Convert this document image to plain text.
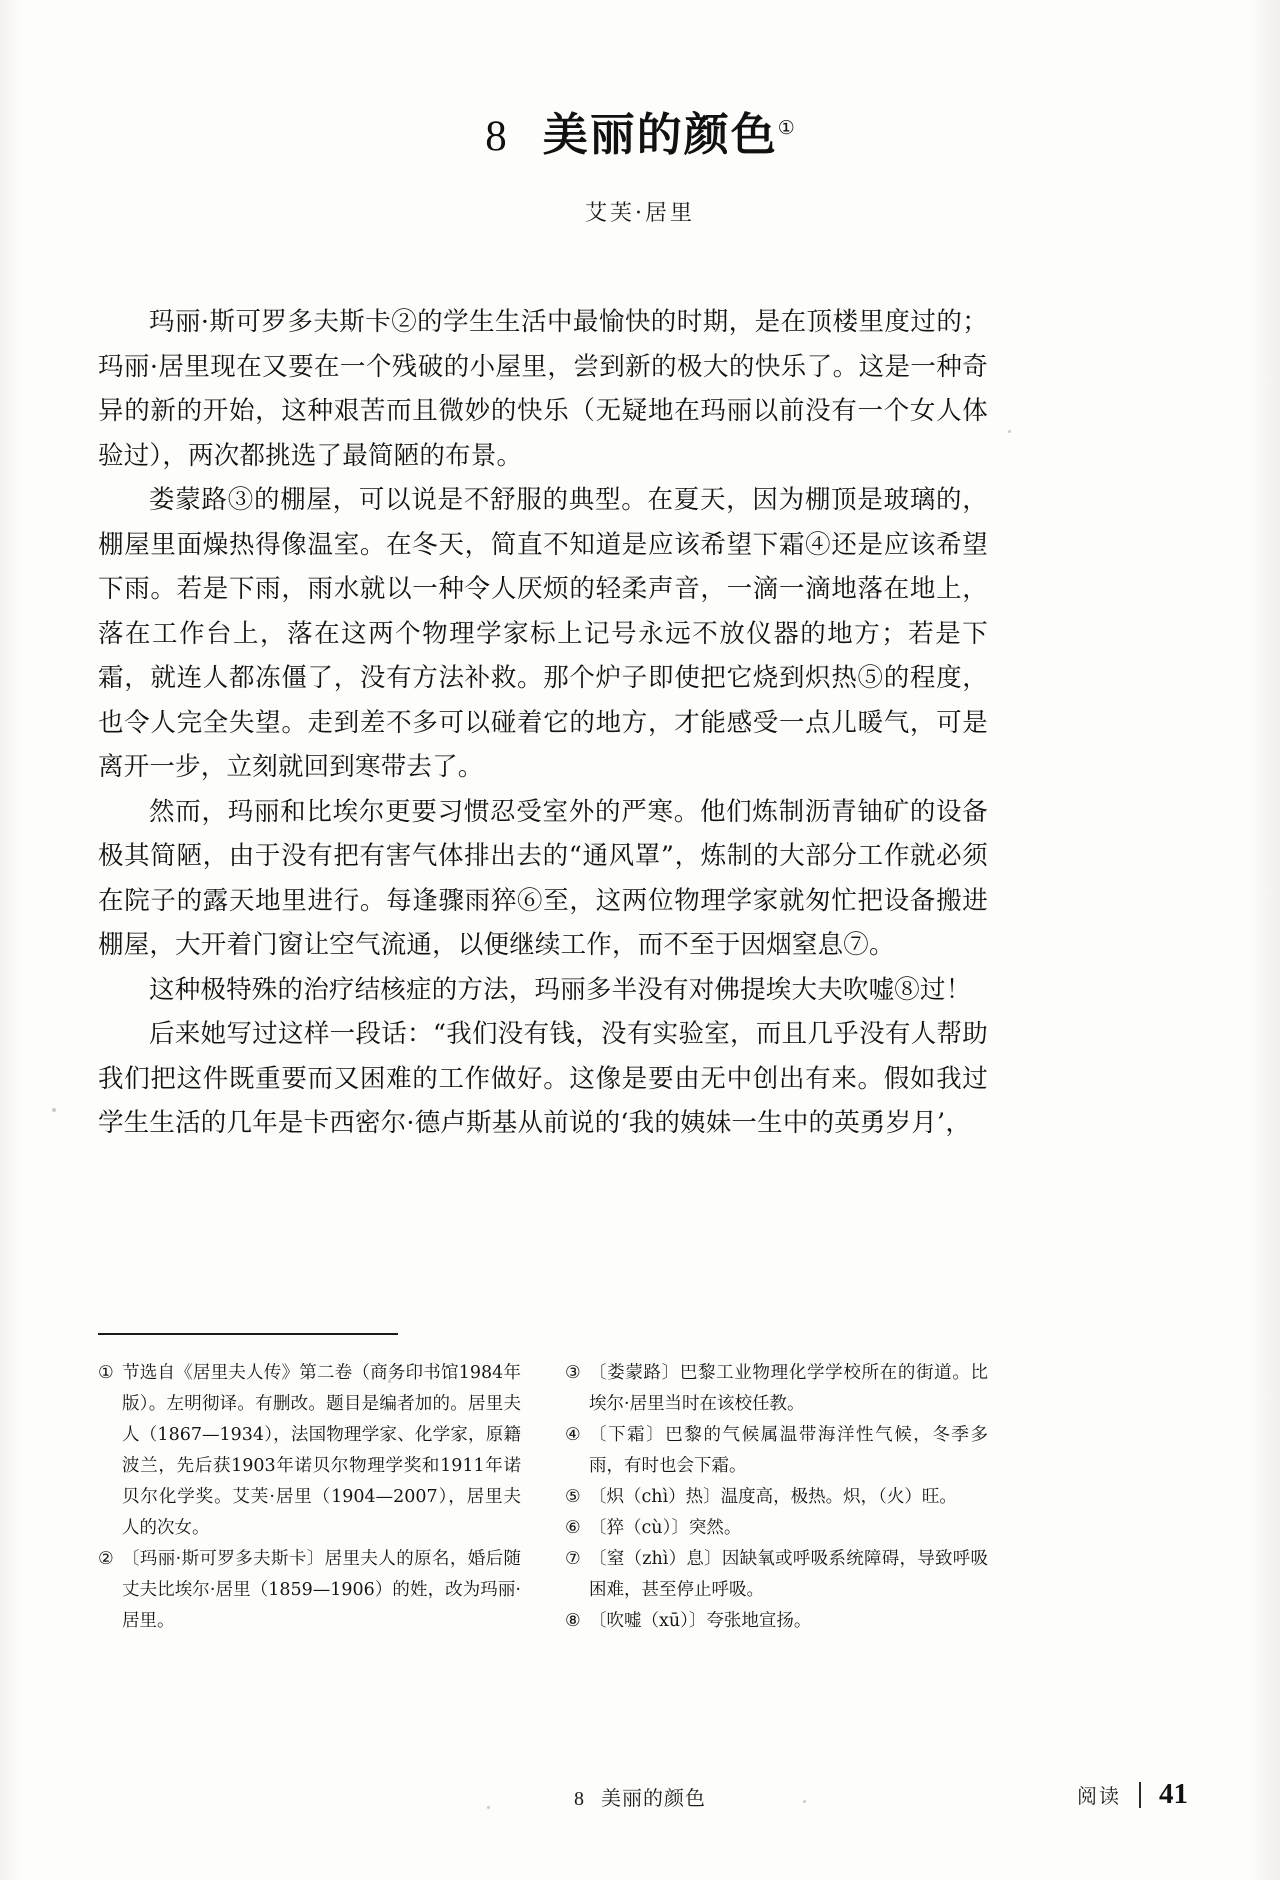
8 美丽的颜色①
艾芙·居里

玛丽·斯可罗多夫斯卡②的学生生活中最愉快的时期，是在顶楼里度过的；玛丽·居里现在又要在一个残破的小屋里，尝到新的极大的快乐了。这是一种奇异的新的开始，这种艰苦而且微妙的快乐（无疑地在玛丽以前没有一个女人体验过），两次都挑选了最简陋的布景。

娄蒙路③的棚屋，可以说是不舒服的典型。在夏天，因为棚顶是玻璃的，棚屋里面燥热得像温室。在冬天，简直不知道是应该希望下霜④还是应该希望下雨。若是下雨，雨水就以一种令人厌烦的轻柔声音，一滴一滴地落在地上，落在工作台上，落在这两个物理学家标上记号永远不放仪器的地方；若是下霜，就连人都冻僵了，没有方法补救。那个炉子即使把它烧到炽热⑤的程度，也令人完全失望。走到差不多可以碰着它的地方，才能感受一点儿暖气，可是离开一步，立刻就回到寒带去了。

然而，玛丽和比埃尔更要习惯忍受室外的严寒。他们炼制沥青铀矿的设备极其简陋，由于没有把有害气体排出去的“通风罩”，炼制的大部分工作就必须在院子的露天地里进行。每逢骤雨猝⑥至，这两位物理学家就匆忙把设备搬进棚屋，大开着门窗让空气流通，以便继续工作，而不至于因烟窒息⑦。

这种极特殊的治疗结核症的方法，玛丽多半没有对佛提埃大夫吹嘘⑧过！

后来她写过这样一段话：“我们没有钱，没有实验室，而且几乎没有人帮助我们把这件既重要而又困难的工作做好。这像是要由无中创出有来。假如我过学生生活的几年是卡西密尔·德卢斯基从前说的‘我的姨妹一生中的英勇岁月’，

① 节选自《居里夫人传》第二卷（商务印书馆1984年版）。左明彻译。有删改。题目是编者加的。居里夫人（1867—1934），法国物理学家、化学家，原籍波兰，先后获1903年诺贝尔物理学奖和1911年诺贝尔化学奖。艾芙·居里（1904—2007），居里夫人的次女。
② 〔玛丽·斯可罗多夫斯卡〕居里夫人的原名，婚后随丈夫比埃尔·居里（1859—1906）的姓，改为玛丽·居里。
③ 〔娄蒙路〕巴黎工业物理化学学校所在的街道。比埃尔·居里当时在该校任教。
④ 〔下霜〕巴黎的气候属温带海洋性气候，冬季多雨，有时也会下霜。
⑤ 〔炽（chì）热〕温度高，极热。炽，（火）旺。
⑥ 〔猝（cù）〕突然。
⑦ 〔窒（zhì）息〕因缺氧或呼吸系统障碍，导致呼吸困难，甚至停止呼吸。
⑧ 〔吹嘘（xū）〕夸张地宣扬。
8 美丽的颜色	阅读 41
